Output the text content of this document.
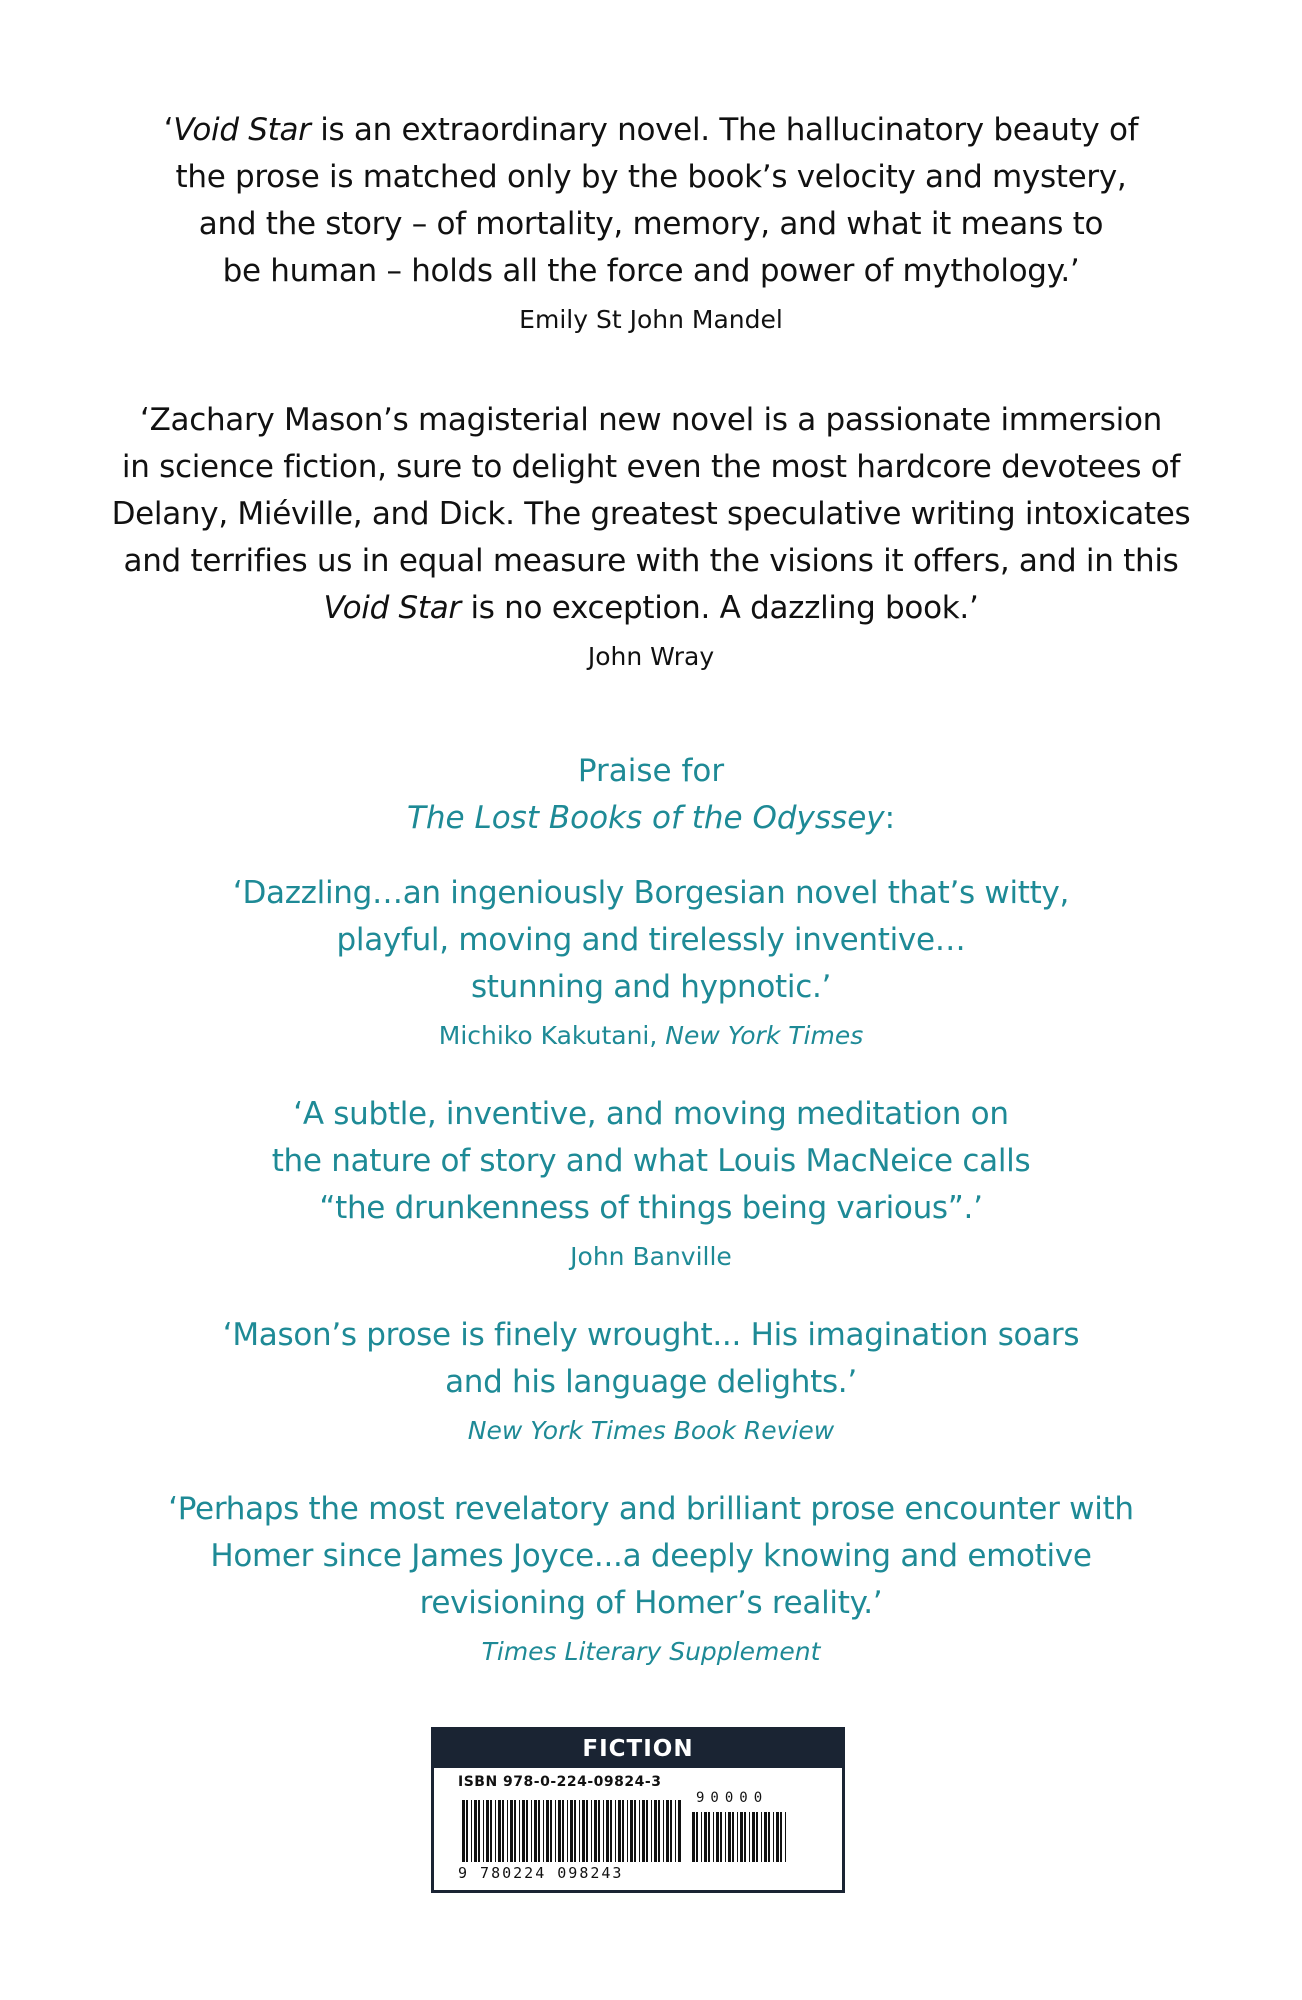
‘Void Star is an extraordinary novel. The hallucinatory beauty of
the prose is matched only by the book’s velocity and mystery,
and the story – of mortality, memory, and what it means to
be human – holds all the force and power of mythology.’
Emily St John Mandel
‘Zachary Mason’s magisterial new novel is a passionate immersion
in science fiction, sure to delight even the most hardcore devotees of
Delany, Miéville, and Dick. The greatest speculative writing intoxicates
and terrifies us in equal measure with the visions it offers, and in this
Void Star is no exception. A dazzling book.’
John Wray
Praise for
The Lost Books of the Odyssey:
‘Dazzling…an ingeniously Borgesian novel that’s witty,
playful, moving and tirelessly inventive…
stunning and hypnotic.’
Michiko Kakutani, New York Times
‘A subtle, inventive, and moving meditation on
the nature of story and what Louis MacNeice calls
“the drunkenness of things being various”.’
John Banville
‘Mason’s prose is finely wrought... His imagination soars
and his language delights.’
New York Times Book Review
‘Perhaps the most revelatory and brilliant prose encounter with
Homer since James Joyce...a deeply knowing and emotive
revisioning of Homer’s reality.’
Times Literary Supplement
FICTION
ISBN 978-0-224-09824-3
90000
9 780224 098243
